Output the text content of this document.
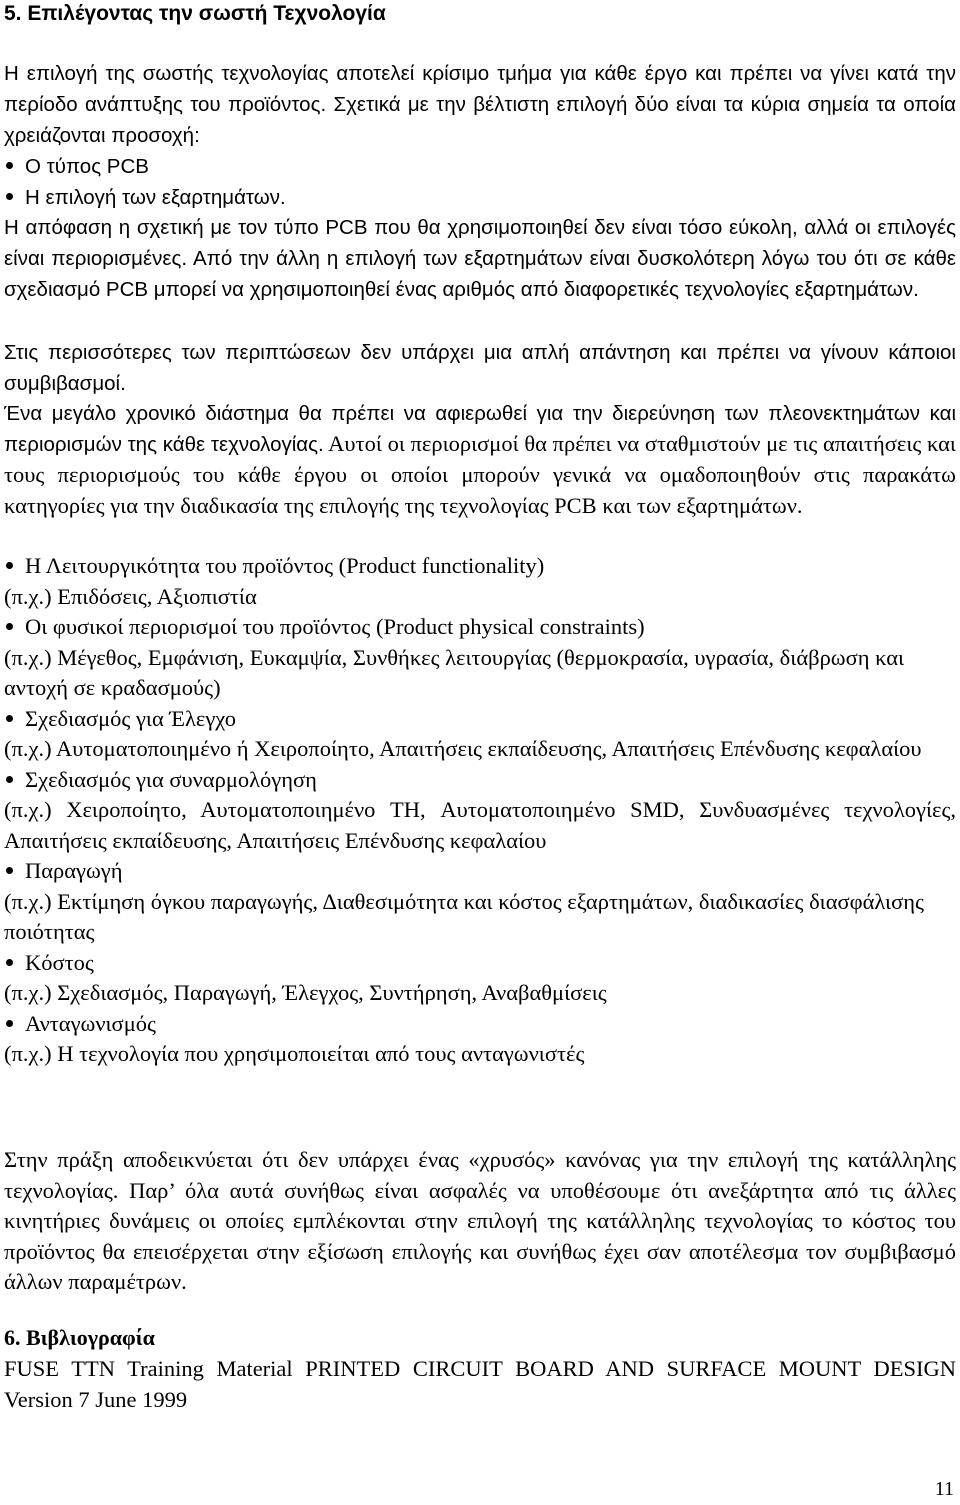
5. Επιλέγοντας την σωστή Τεχνολογία

Η επιλογή της σωστής τεχνολογίας αποτελεί κρίσιμο τμήμα για κάθε έργο και πρέπει να γίνει κατά την περίοδο ανάπτυξης του προϊόντος. Σχετικά με την βέλτιστη επιλογή δύο είναι τα κύρια σημεία τα οποία χρειάζονται προσοχή:

Ο τύπος PCB
Η επιλογή των εξαρτημάτων.

Η απόφαση η σχετική με τον τύπο PCB που θα χρησιμοποιηθεί δεν είναι τόσο εύκολη, αλλά οι επιλογές είναι περιορισμένες. Από την άλλη η επιλογή των εξαρτημάτων είναι δυσκολότερη λόγω του ότι σε κάθε σχεδιασμό PCB μπορεί να χρησιμοποιηθεί ένας αριθμός από διαφορετικές τεχνολογίες εξαρτημάτων.

Στις περισσότερες των περιπτώσεων δεν υπάρχει μια απλή απάντηση και πρέπει να γίνουν κάποιοι συμβιβασμοί.

Ένα μεγάλο χρονικό διάστημα θα πρέπει να αφιερωθεί για την διερεύνηση των πλεονεκτημάτων και περιορισμών της κάθε τεχνολογίας. Αυτοί οι περιορισμοί θα πρέπει να σταθμιστούν με τις απαιτήσεις και τους περιορισμούς του κάθε έργου οι οποίοι μπορούν γενικά να ομαδοποιηθούν στις παρακάτω κατηγορίες για την διαδικασία της επιλογής της τεχνολογίας PCB και των εξαρτημάτων.

Η Λειτουργικότητα του προϊόντος (Product functionality)
(π.χ.) Επιδόσεις, Αξιοπιστία
Οι φυσικοί περιορισμοί του προϊόντος (Product physical constraints)
(π.χ.) Μέγεθος, Εμφάνιση, Ευκαμψία, Συνθήκες λειτουργίας (θερμοκρασία, υγρασία, διάβρωση και αντοχή σε κραδασμούς)
Σχεδιασμός για Έλεγχο
(π.χ.) Αυτοματοποιημένο ή Χειροποίητο, Απαιτήσεις εκπαίδευσης, Απαιτήσεις Επένδυσης κεφαλαίου
Σχεδιασμός για συναρμολόγηση
(π.χ.) Χειροποίητο, Αυτοματοποιημένο TH, Αυτοματοποιημένο SMD, Συνδυασμένες τεχνολογίες, Απαιτήσεις εκπαίδευσης, Απαιτήσεις Επένδυσης κεφαλαίου
Παραγωγή
(π.χ.) Εκτίμηση όγκου παραγωγής, Διαθεσιμότητα και κόστος εξαρτημάτων, διαδικασίες διασφάλισης ποιότητας
Κόστος
(π.χ.) Σχεδιασμός, Παραγωγή, Έλεγχος, Συντήρηση, Αναβαθμίσεις
Ανταγωνισμός
(π.χ.) Η τεχνολογία που χρησιμοποιείται από τους ανταγωνιστές

Στην πράξη αποδεικνύεται ότι δεν υπάρχει ένας «χρυσός» κανόνας για την επιλογή της κατάλληλης τεχνολογίας. Παρ’ όλα αυτά συνήθως είναι ασφαλές να υποθέσουμε ότι ανεξάρτητα από τις άλλες κινητήριες δυνάμεις οι οποίες εμπλέκονται στην επιλογή της κατάλληλης τεχνολογίας το κόστος του προϊόντος θα επεισέρχεται στην εξίσωση επιλογής και συνήθως έχει σαν αποτέλεσμα τον συμβιβασμό άλλων παραμέτρων.

6. Βιβλιογραφία

FUSE TTN Training Material PRINTED CIRCUIT BOARD AND SURFACE MOUNT DESIGN Version 7 June 1999

11
